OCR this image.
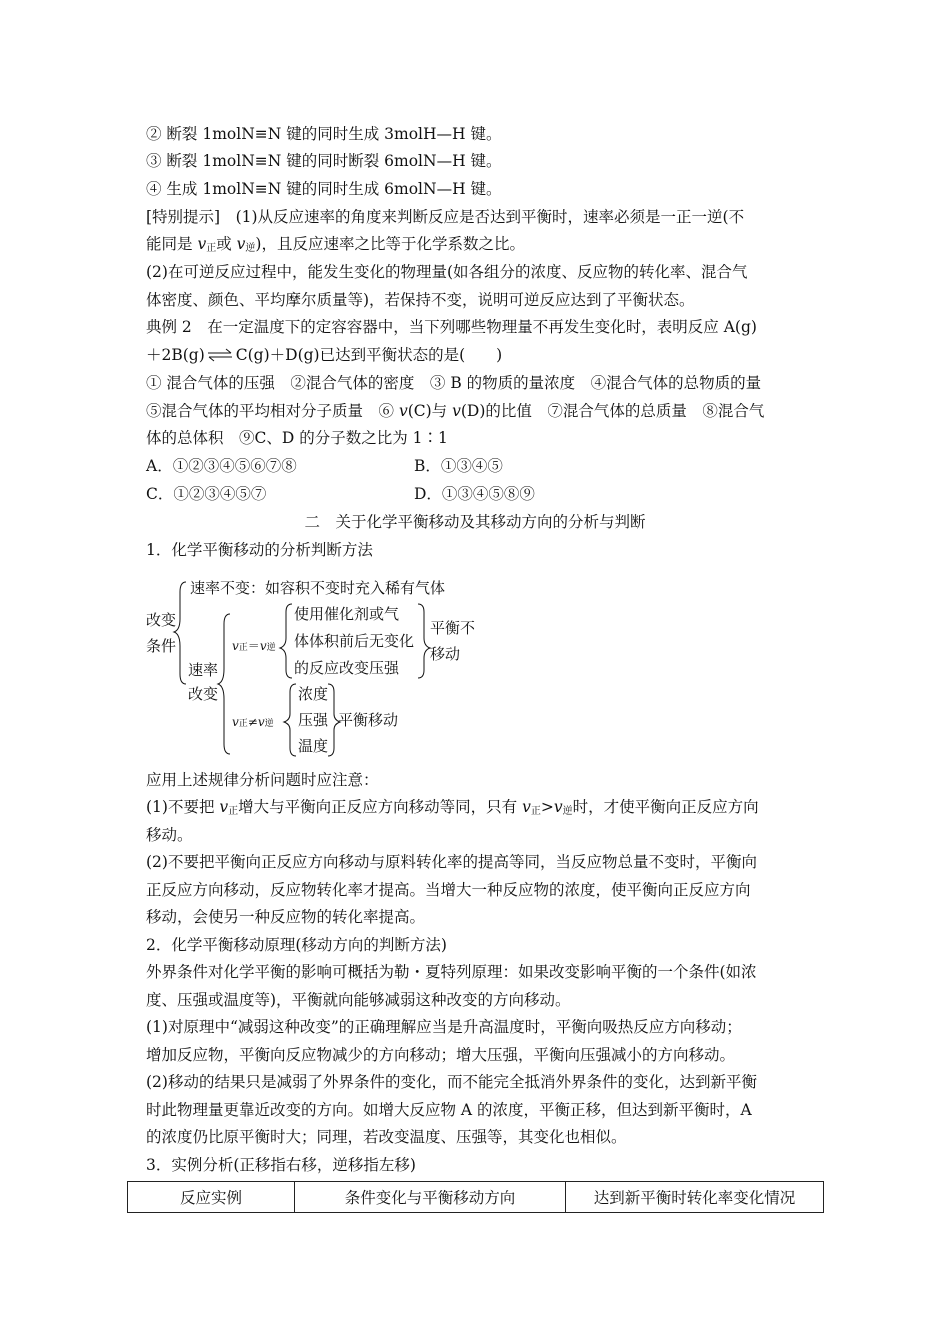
② 断裂 1molN≡N 键的同时生成 3molH—H 键。
③ 断裂 1molN≡N 键的同时断裂 6molN—H 键。
④ 生成 1molN≡N 键的同时生成 6molN—H 键。
[特别提示]　(1)从反应速率的角度来判断反应是否达到平衡时，速率必须是一正一逆(不
能同是 $v_正$或 $v_逆$)，且反应速率之比等于化学系数之比。
(2)在可逆反应过程中，能发生变化的物理量(如各组分的浓度、反应物的转化率、混合气
体密度、颜色、平均摩尔质量等)，若保持不变，说明可逆反应达到了平衡状态。
典例 2　在一定温度下的定容容器中，当下列哪些物理量不再发生变化时，表明反应 A(g)
＋2B(g)　　C(g)＋D(g)已达到平衡状态的是(　　)
① 混合气体的压强　②混合气体的密度　③ B 的物质的量浓度　④混合气体的总物质的量
⑤混合气体的平均相对分子质量　⑥ v(C)与 v(D)的比值　⑦混合气体的总质量　⑧混合气
体的总体积　⑨C、D 的分子数之比为 1∶1
A．①②③④⑤⑥⑦⑧	B．①③④⑤
C．①②③④⑤⑦	D．①③④⑤⑧⑨
二　关于化学平衡移动及其移动方向的分析与判断
1．化学平衡移动的分析判断方法
改变
条件
速率不变：如容积不变时充入稀有气体
速率
改变
v正＝v逆
使用催化剂或气
体体积前后无变化
的反应改变压强
平衡不
移动
v正≠v逆
浓度
压强
温度
平衡移动
应用上述规律分析问题时应注意：
(1)不要把 $v_正$增大与平衡向正反应方向移动等同，只有 $v_正>v_逆$时，才使平衡向正反应方向
移动。
(2)不要把平衡向正反应方向移动与原料转化率的提高等同，当反应物总量不变时，平衡向
正反应方向移动，反应物转化率才提高。当增大一种反应物的浓度，使平衡向正反应方向
移动，会使另一种反应物的转化率提高。
2．化学平衡移动原理(移动方向的判断方法)
外界条件对化学平衡的影响可概括为勒・夏特列原理：如果改变影响平衡的一个条件(如浓
度、压强或温度等)，平衡就向能够减弱这种改变的方向移动。
(1)对原理中“减弱这种改变”的正确理解应当是升高温度时，平衡向吸热反应方向移动；
增加反应物，平衡向反应物减少的方向移动；增大压强，平衡向压强减小的方向移动。
(2)移动的结果只是减弱了外界条件的变化，而不能完全抵消外界条件的变化，达到新平衡
时此物理量更靠近改变的方向。如增大反应物 A 的浓度，平衡正移，但达到新平衡时，A
的浓度仍比原平衡时大；同理，若改变温度、压强等，其变化也相似。
3．实例分析(正移指右移，逆移指左移)
反应实例	条件变化与平衡移动方向	达到新平衡时转化率变化情况
